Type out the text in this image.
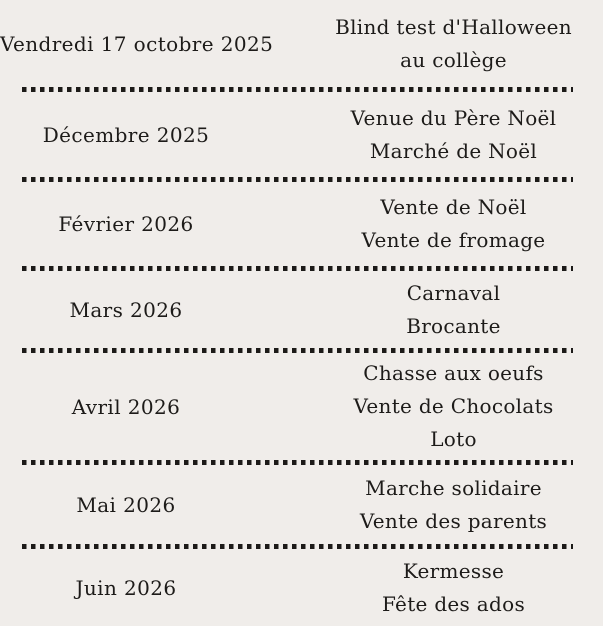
Vendredi 17 octobre 2025
Blind test d'Halloween
au collège
Décembre 2025
Venue du Père Noël
Marché de Noël
Février 2026
Vente de Noël
Vente de fromage
Mars 2026
Carnaval
Brocante
Avril 2026
Chasse aux oeufs
Vente de Chocolats
Loto
Mai 2026
Marche solidaire
Vente des parents
Juin 2026
Kermesse
Fête des ados
